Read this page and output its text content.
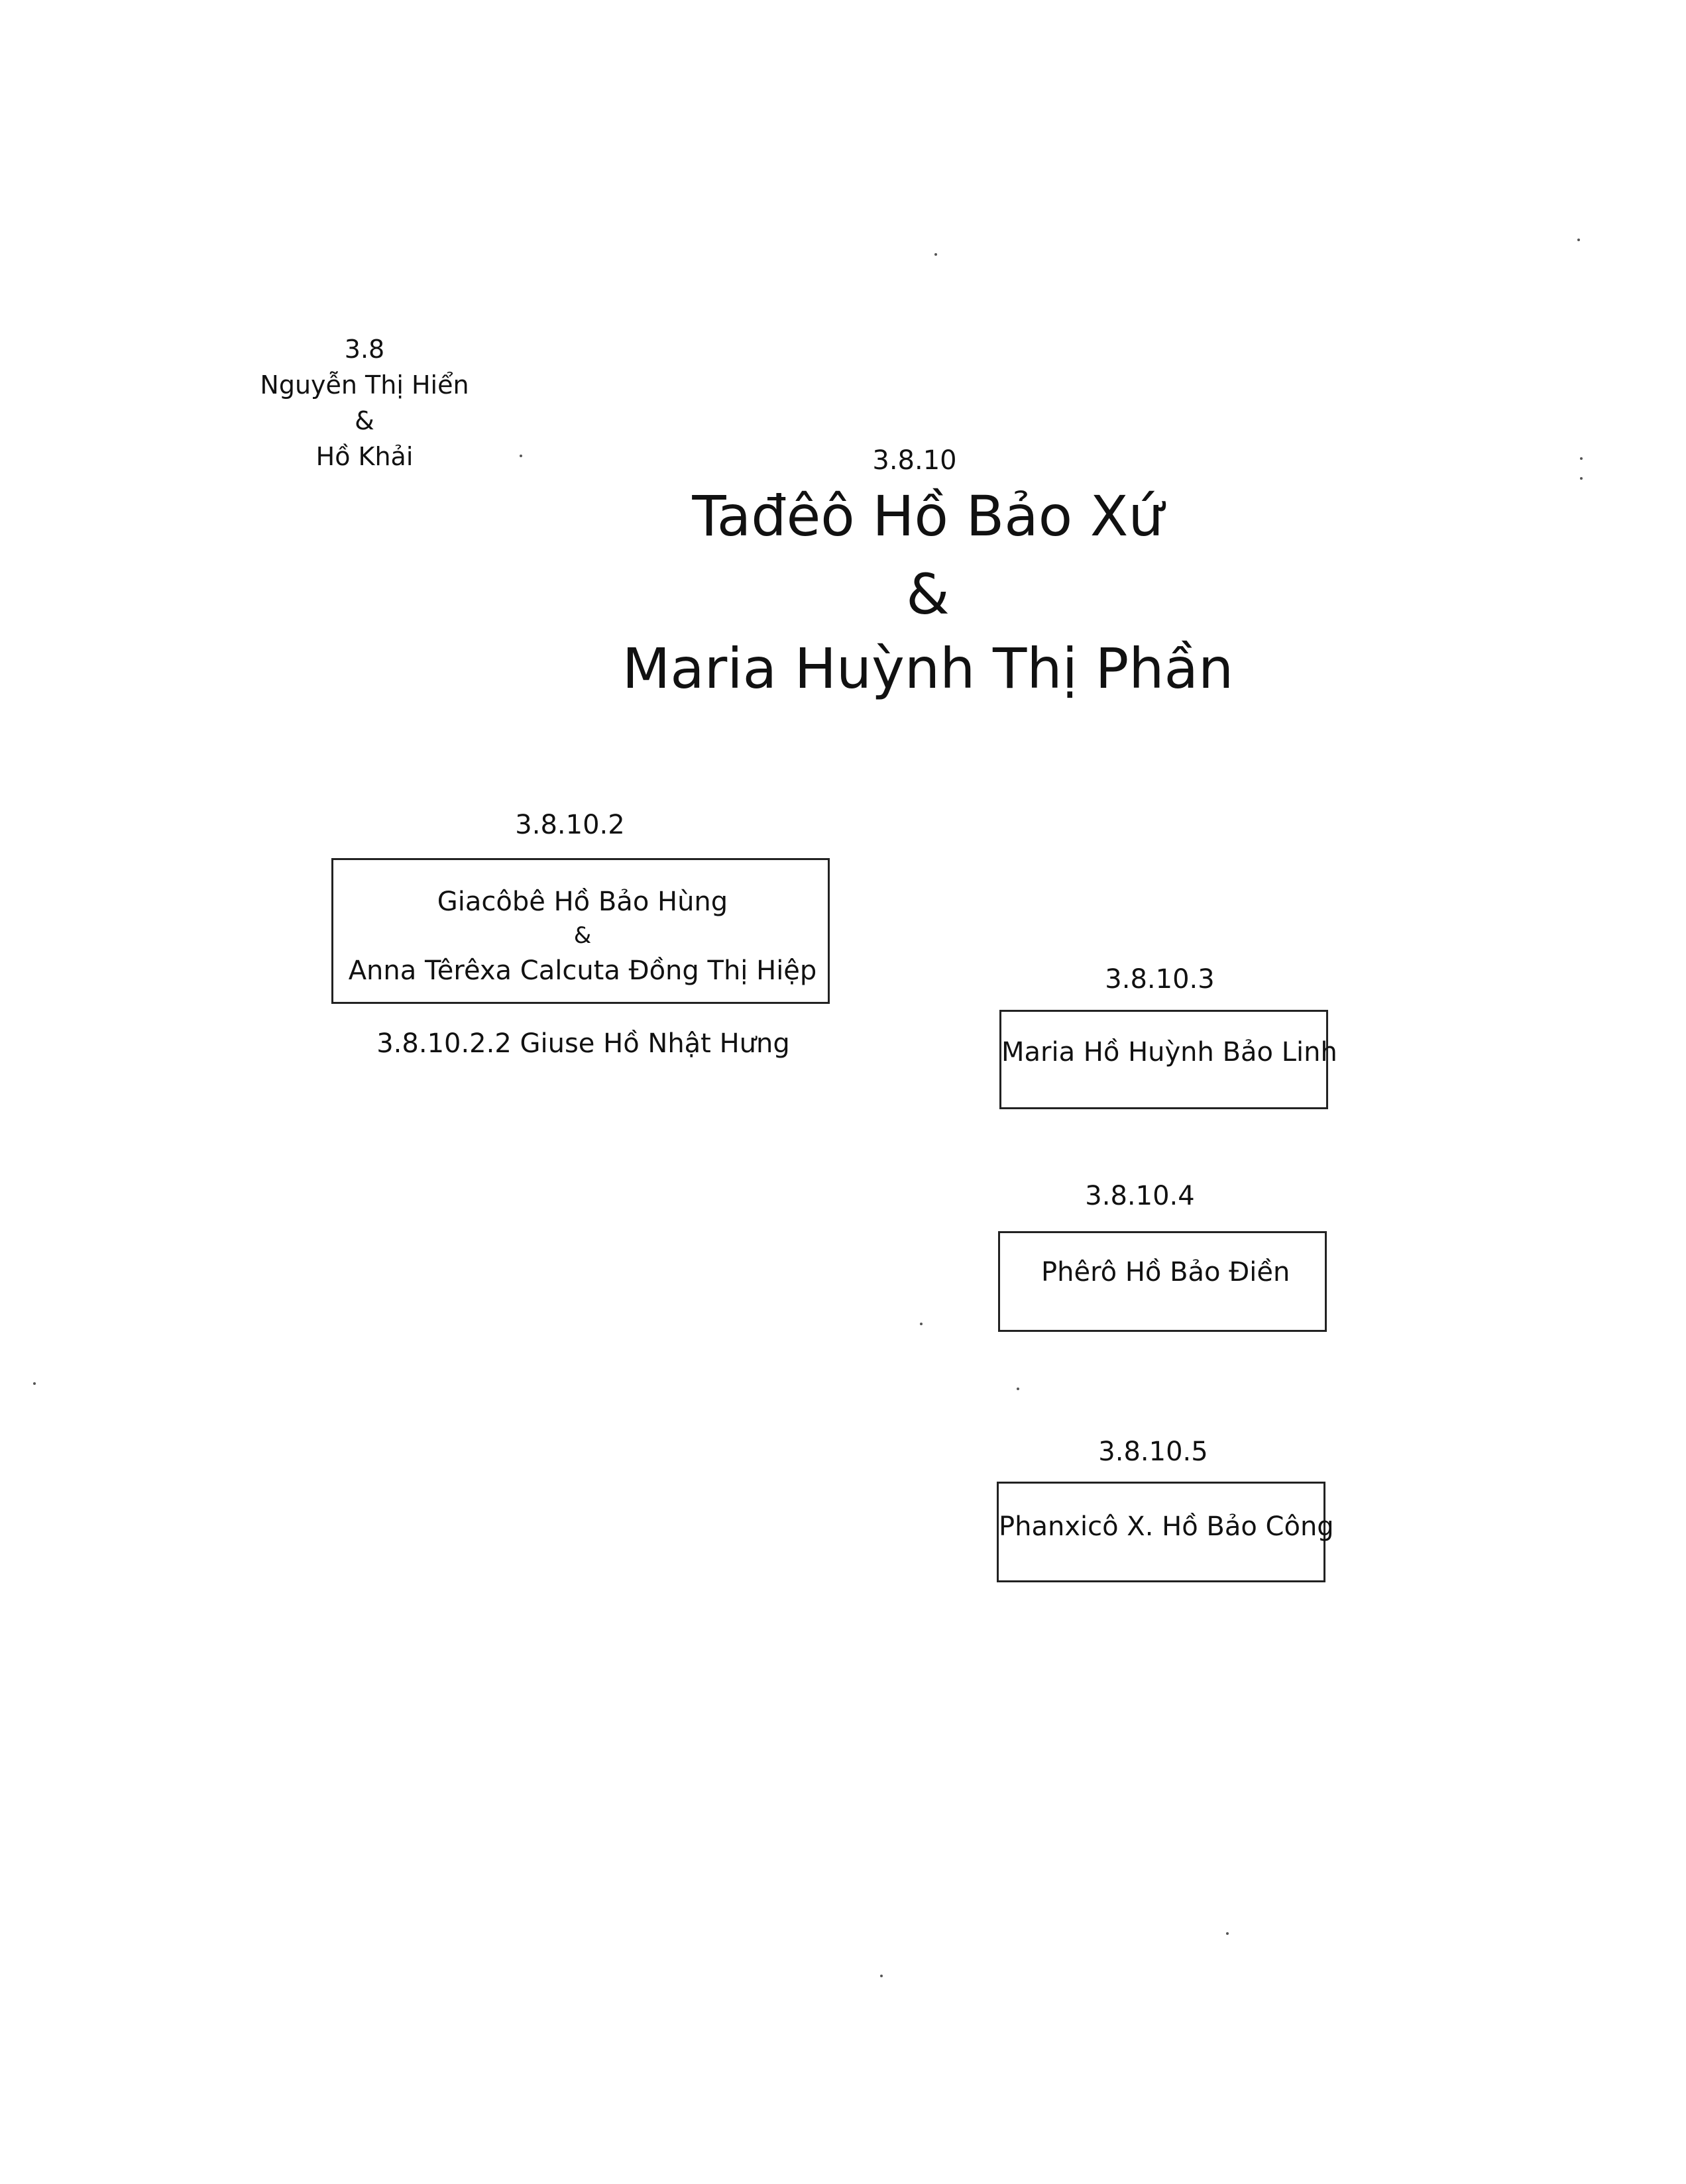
3.8
Nguyễn Thị Hiển
&
Hồ Khải	3.8.10
Tađêô Hồ Bảo Xứ
&
Maria Huỳnh Thị Phần
3.8.10.2
Giacôbê Hồ Bảo Hùng
&
Anna Têrêxa Calcuta Đồng Thị Hiệp
3.8.10.2.2 Giuse Hồ Nhật Hưng
3.8.10.3
Maria Hồ Huỳnh Bảo Linh
3.8.10.4
Phêrô Hồ Bảo Điền
3.8.10.5
Phanxicô X. Hồ Bảo Công
